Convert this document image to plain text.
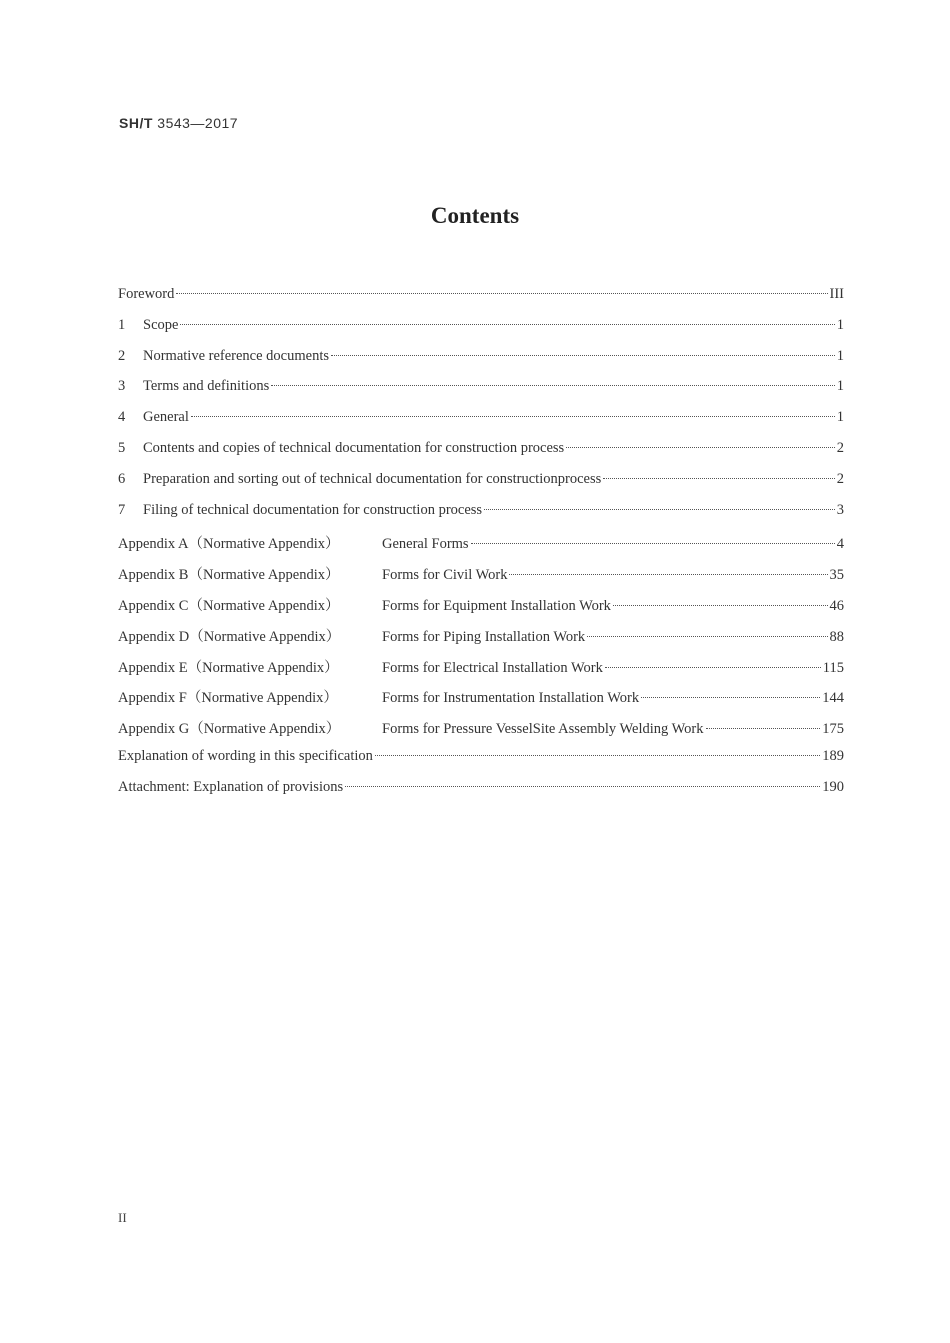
SH/T 3543—2017
Contents
Foreword	III
1	Scope	1
2	Normative reference documents	1
3	Terms and definitions	1
4	General	1
5	Contents and copies of technical documentation for construction process	2
6	Preparation and sorting out of technical documentation for constructionprocess	2
7	Filing of technical documentation for construction process	3
Appendix A（Normative Appendix）	General Forms	4
Appendix B（Normative Appendix）	Forms for Civil Work	35
Appendix C（Normative Appendix）	Forms for Equipment Installation Work	46
Appendix D（Normative Appendix）	Forms for Piping Installation Work	88
Appendix E（Normative Appendix）	Forms for Electrical Installation Work	115
Appendix F（Normative Appendix）	Forms for Instrumentation Installation Work	144
Appendix G（Normative Appendix）	Forms for Pressure VesselSite Assembly Welding Work	175
Explanation of wording in this specification	189
Attachment: Explanation of provisions	190
II
